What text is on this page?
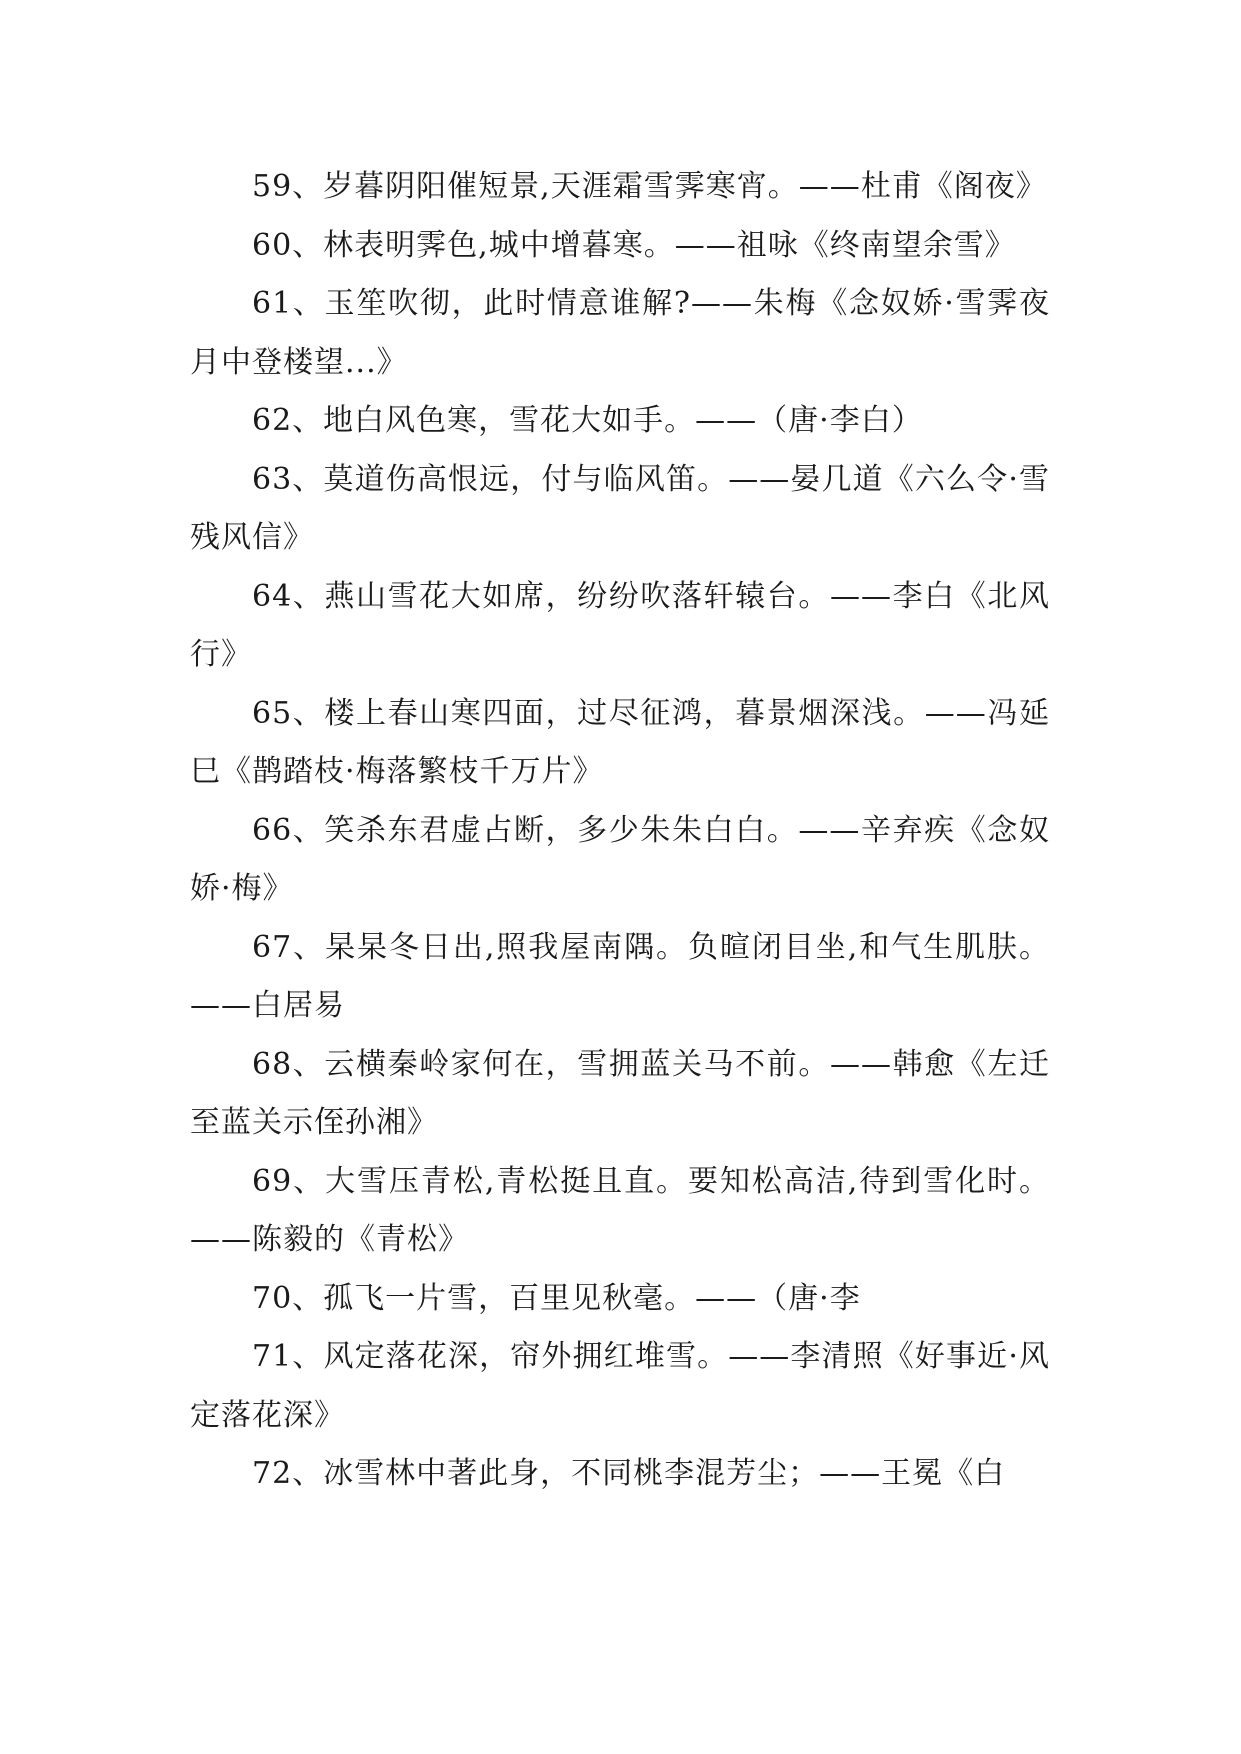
59、岁暮阴阳催短景,天涯霜雪霁寒宵。——杜甫《阁夜》

60、林表明霁色,城中增暮寒。——祖咏《终南望余雪》

61、玉笙吹彻，此时情意谁解?——朱梅《念奴娇·雪霁夜月中登楼望...》

62、地白风色寒，雪花大如手。——（唐·李白）

63、莫道伤高恨远，付与临风笛。——晏几道《六么令·雪残风信》

64、燕山雪花大如席，纷纷吹落轩辕台。——李白《北风行》

65、楼上春山寒四面，过尽征鸿，暮景烟深浅。——冯延巳《鹊踏枝·梅落繁枝千万片》

66、笑杀东君虚占断，多少朱朱白白。——辛弃疾《念奴娇·梅》

67、杲杲冬日出,照我屋南隅。负暄闭目坐,和气生肌肤。——白居易

68、云横秦岭家何在，雪拥蓝关马不前。——韩愈《左迁至蓝关示侄孙湘》

69、大雪压青松,青松挺且直。要知松高洁,待到雪化时。——陈毅的《青松》

70、孤飞一片雪，百里见秋毫。——（唐·李

71、风定落花深，帘外拥红堆雪。——李清照《好事近·风定落花深》

72、冰雪林中著此身，不同桃李混芳尘；——王冕《白
